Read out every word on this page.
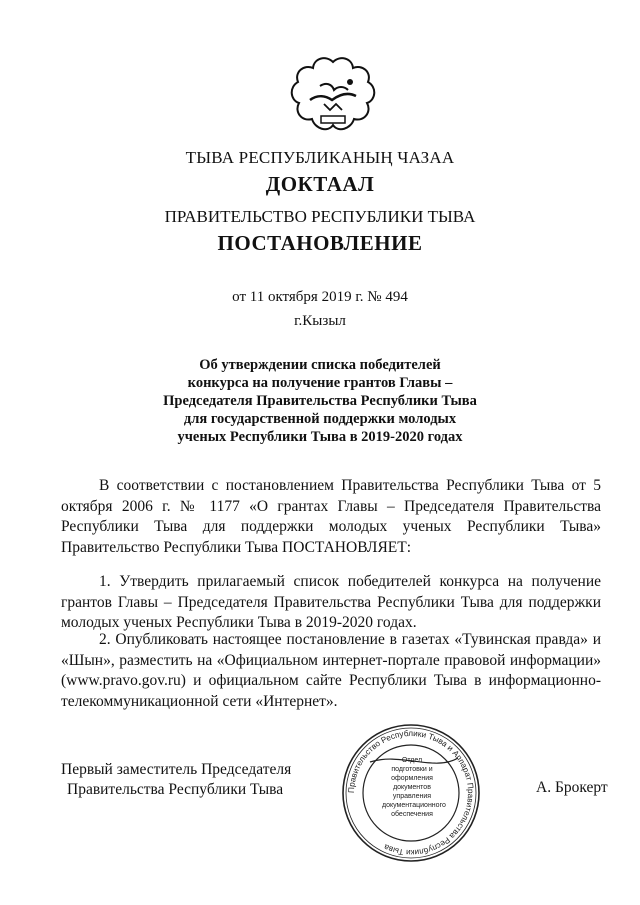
ТЫВА РЕСПУБЛИКАНЫҢ ЧАЗАА
ДОКТААЛ
ПРАВИТЕЛЬСТВО РЕСПУБЛИКИ ТЫВА
ПОСТАНОВЛЕНИЕ
от 11 октября 2019 г. № 494
г.Кызыл
Об утверждении списка победителей
конкурса на получение грантов Главы –
Председателя Правительства Республики Тыва
для государственной поддержки молодых
ученых Республики Тыва в 2019-2020 годах

В соответствии с постановлением Правительства Республики Тыва от 5 октября 2006 г. № 1177 «О грантах Главы – Председателя Правительства Республики Тыва для поддержки молодых ученых Республики Тыва» Правительство Республики Тыва ПОСТАНОВЛЯЕТ:

1. Утвердить прилагаемый список победителей конкурса на получение грантов Главы – Председателя Правительства Республики Тыва для поддержки молодых ученых Республики Тыва в 2019-2020 годах.

2. Опубликовать настоящее постановление в газетах «Тувинская правда» и «Шын», разместить на «Официальном интернет-портале правовой информации» (www.pravo.gov.ru) и официальном сайте Республики Тыва в информационно-телекоммуникационной сети «Интернет».

Первый заместитель Председателя
Правительства Республики Тыва	Правительство Республики Тыва и Аппарат Правительства Республики Тыва
Отдел
подготовки и
оформления документов
управления
документационного
обеспечения
А. Брокерт
